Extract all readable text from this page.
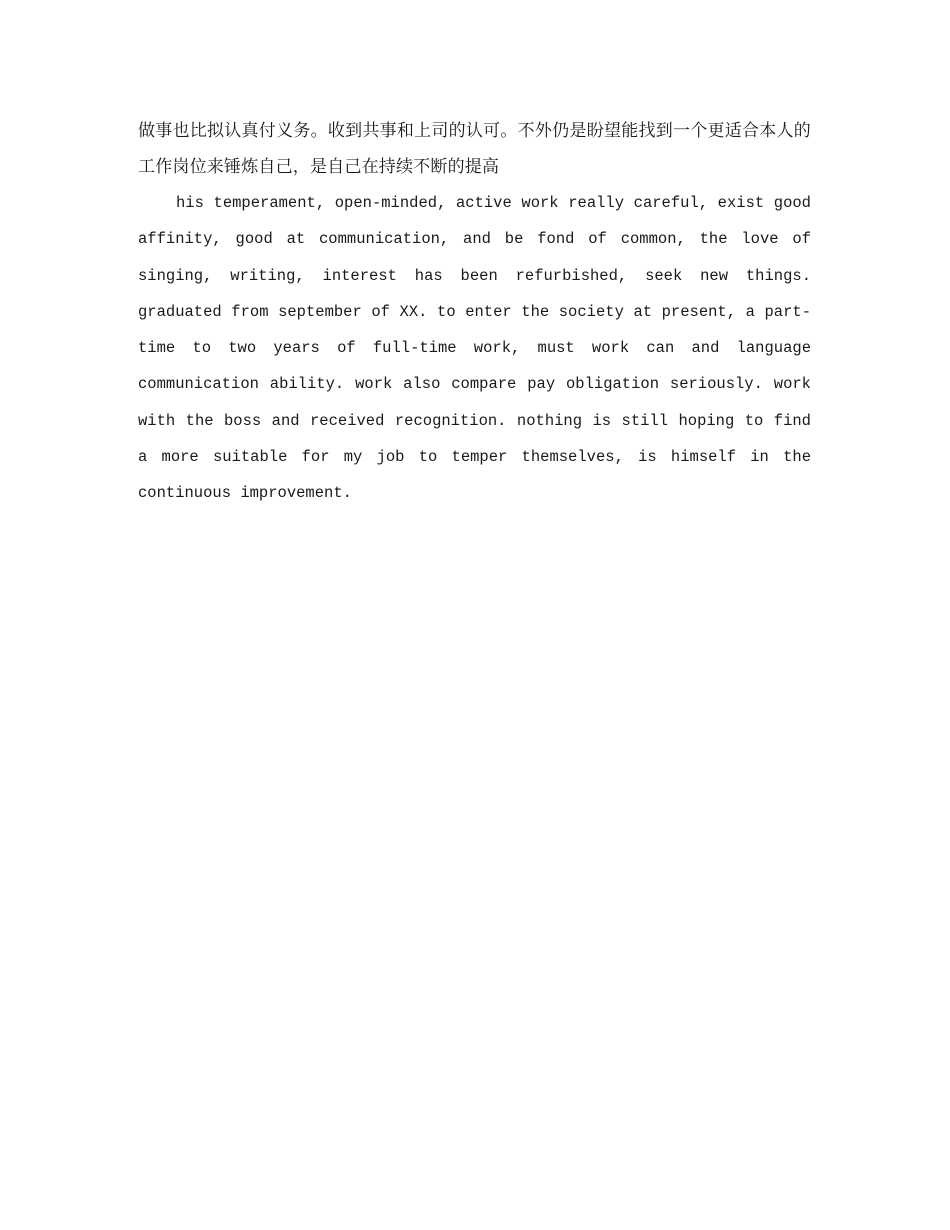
做事也比拟认真付义务。收到共事和上司的认可。不外仍是盼望能找到一个更适合本人的工作岗位来锤炼自己，是自己在持续不断的提高

his temperament, open-minded, active work really careful, exist good affinity, good at communication, and be fond of common, the love of singing, writing, interest has been refurbished, seek new things. graduated from september of XX. to enter the society at present, a part-time to two years of full-time work, must work can and language communication ability. work also compare pay obligation seriously. work with the boss and received recognition. nothing is still hoping to find a more suitable for my job to temper themselves, is himself in the continuous improvement.
